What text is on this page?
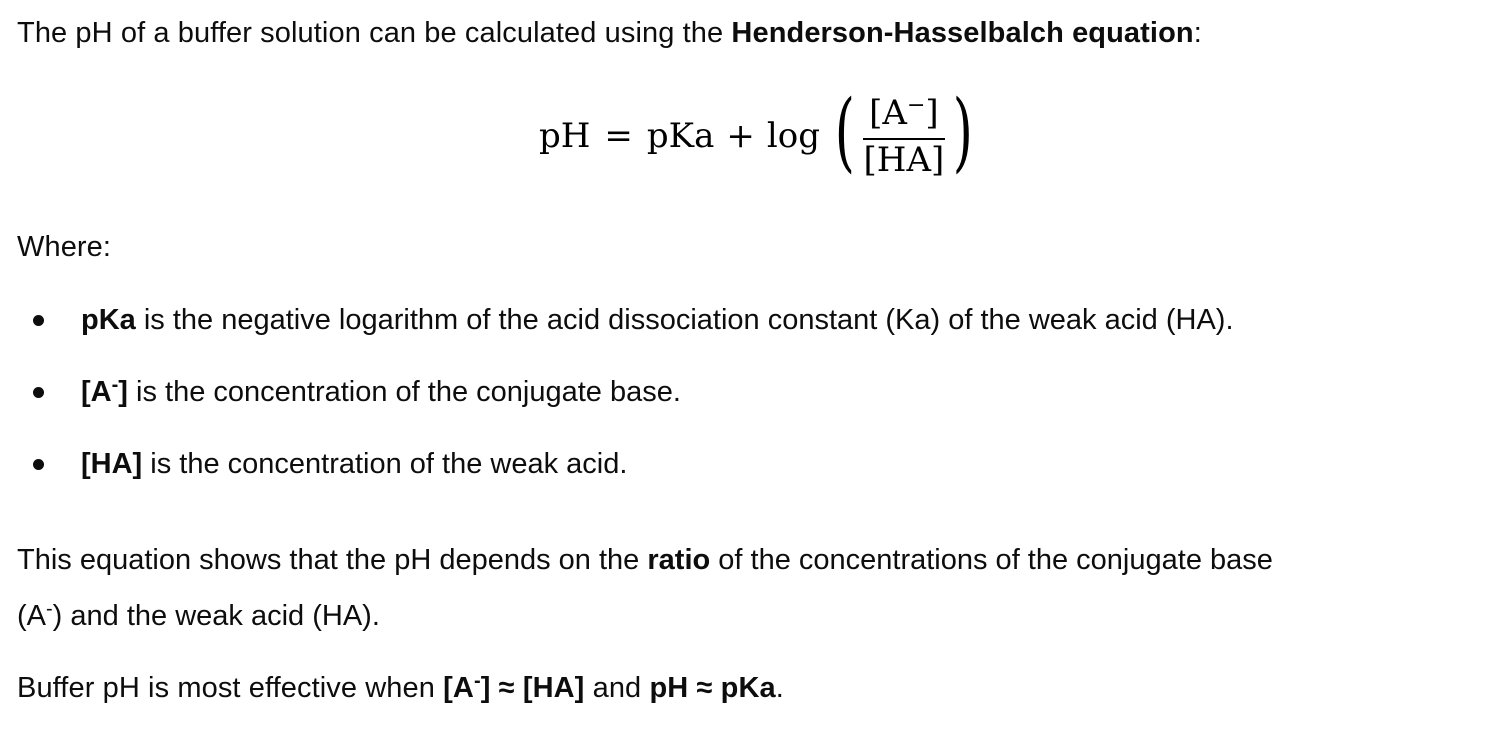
The pH of a buffer solution can be calculated using the Henderson-Hasselbalch equation:
pH = pKa + log ( $\frac{[A^-]}{[HA]}$ )
Where:
pKa is the negative logarithm of the acid dissociation constant (Ka) of the weak acid (HA).
[A-] is the concentration of the conjugate base.
[HA] is the concentration of the weak acid.
This equation shows that the pH depends on the ratio of the concentrations of the conjugate base
(A-) and the weak acid (HA).
Buffer pH is most effective when [A-] ≈ [HA] and pH ≈ pKa.
